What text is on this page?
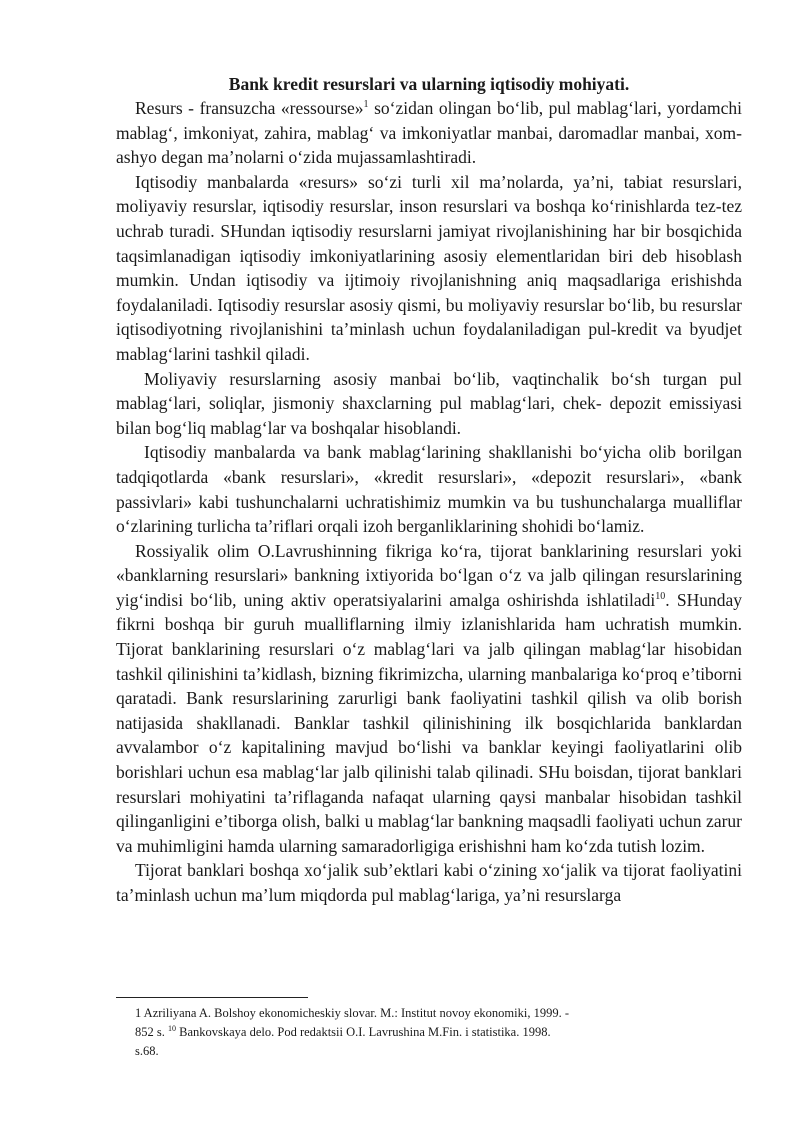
Bank kredit resurslari va ularning iqtisodiy mohiyati.

Resurs - fransuzcha «ressourse»$^1$ so‘zidan olingan bo‘lib, pul mablag‘lari, yordamchi mablag‘, imkoniyat, zahira, mablag‘ va imkoniyatlar manbai, daromadlar manbai, xom-ashyo degan ma’nolarni o‘zida mujassamlashtiradi.

Iqtisodiy manbalarda «resurs» so‘zi turli xil ma’nolarda, ya’ni, tabiat resurslari, moliyaviy resurslar, iqtisodiy resurslar, inson resurslari va boshqa ko‘rinishlarda tez-tez uchrab turadi. SHundan iqtisodiy resurslarni jamiyat rivojlanishining har bir bosqichida taqsimlanadigan iqtisodiy imkoniyatlarining asosiy elementlaridan biri deb hisoblash mumkin. Undan iqtisodiy va ijtimoiy rivojlanishning aniq maqsadlariga erishishda foydalaniladi. Iqtisodiy resurslar asosiy qismi, bu moliyaviy resurslar bo‘lib, bu resurslar iqtisodiyotning rivojlanishini ta’minlash uchun foydalaniladigan pul-kredit va byudjet mablag‘larini tashkil qiladi.

Moliyaviy resurslarning asosiy manbai bo‘lib, vaqtinchalik bo‘sh turgan pul mablag‘lari, soliqlar, jismoniy shaxclarning pul mablag‘lari, chek- depozit emissiyasi bilan bog‘liq mablag‘lar va boshqalar hisoblandi.

Iqtisodiy manbalarda va bank mablag‘larining shakllanishi bo‘yicha olib borilgan tadqiqotlarda «bank resurslari», «kredit resurslari», «depozit resurslari», «bank passivlari» kabi tushunchalarni uchratishimiz mumkin va bu tushunchalarga mualliflar o‘zlarining turlicha ta’riflari orqali izoh berganliklarining shohidi bo‘lamiz.

Rossiyalik olim O.Lavrushinning fikriga ko‘ra, tijorat banklarining resurslari yoki «banklarning resurslari» bankning ixtiyorida bo‘lgan o‘z va jalb qilingan resurslarining yig‘indisi bo‘lib, uning aktiv operatsiyalarini amalga oshirishda ishlatiladi$^{10}$. SHunday fikrni boshqa bir guruh mualliflarning ilmiy izlanishlarida ham uchratish mumkin. Tijorat banklarining resurslari o‘z mablag‘lari va jalb qilingan mablag‘lar hisobidan tashkil qilinishini ta’kidlash, bizning fikrimizcha, ularning manbalariga ko‘proq e’tiborni qaratadi. Bank resurslarining zarurligi bank faoliyatini tashkil qilish va olib borish natijasida shakllanadi. Banklar tashkil qilinishining ilk bosqichlarida banklardan avvalambor o‘z kapitalining mavjud bo‘lishi va banklar keyingi faoliyatlarini olib borishlari uchun esa mablag‘lar jalb qilinishi talab qilinadi. SHu boisdan, tijorat banklari resurslari mohiyatini ta’riflaganda nafaqat ularning qaysi manbalar hisobidan tashkil qilinganligini e’tiborga olish, balki u mablag‘lar bankning maqsadli faoliyati uchun zarur va muhimligini hamda ularning samaradorligiga erishishni ham ko‘zda tutish lozim.

Tijorat banklari boshqa xo‘jalik sub’ektlari kabi o‘zining xo‘jalik va tijorat faoliyatini ta’minlash uchun ma’lum miqdorda pul mablag‘lariga, ya’ni resurslarga

1 Azriliyana A. Bolshoy ekonomicheskiy slovar. M.: Institut novoy ekonomiki, 1999. - 852 s. $^{10}$ Bankovskaya delo. Pod redaktsii O.I. Lavrushina M.Fin. i statistika. 1998. s.68.
